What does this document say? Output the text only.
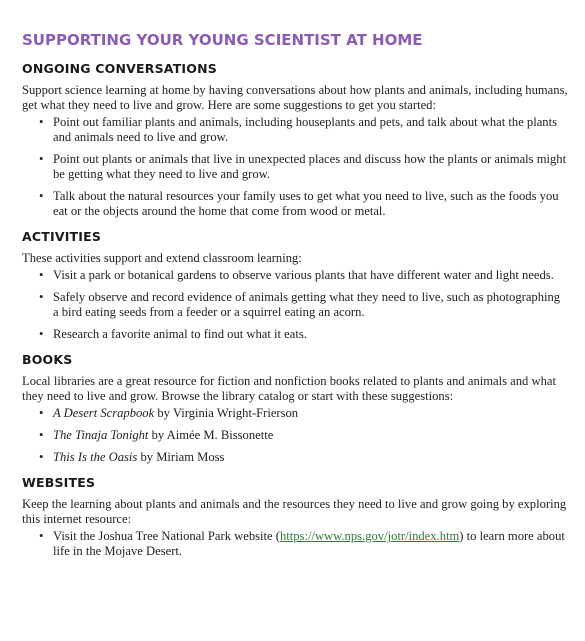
SUPPORTING YOUR YOUNG SCIENTIST AT HOME
ONGOING CONVERSATIONS

Support science learning at home by having conversations about how plants and animals, including humans, get what they need to live and grow. Here are some suggestions to get you started:

• Point out familiar plants and animals, including houseplants and pets, and talk about what the plants and animals need to live and grow.
• Point out plants or animals that live in unexpected places and discuss how the plants or animals might be getting what they need to live and grow.
• Talk about the natural resources your family uses to get what you need to live, such as the foods you eat or the objects around the home that come from wood or metal.
ACTIVITIES

These activities support and extend classroom learning:

• Visit a park or botanical gardens to observe various plants that have different water and light needs.
• Safely observe and record evidence of animals getting what they need to live, such as photographing a bird eating seeds from a feeder or a squirrel eating an acorn.
• Research a favorite animal to find out what it eats.
BOOKS

Local libraries are a great resource for fiction and nonfiction books related to plants and animals and what they need to live and grow. Browse the library catalog or start with these suggestions:

• A Desert Scrapbook by Virginia Wright-Frierson
• The Tinaja Tonight by Aimée M. Bissonette
• This Is the Oasis by Miriam Moss
WEBSITES

Keep the learning about plants and animals and the resources they need to live and grow going by exploring this internet resource:

• Visit the Joshua Tree National Park website (https://www.nps.gov/jotr/index.htm) to learn more about life in the Mojave Desert.
